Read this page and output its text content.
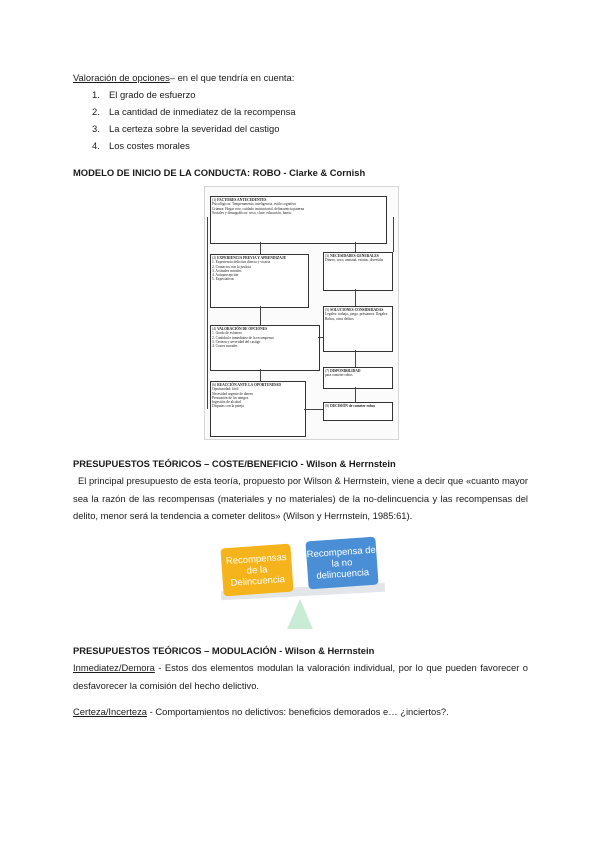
Valoración de opciones– en el que tendría en cuenta:
1. El grado de esfuerzo
2. La cantidad de inmediatez de la recompensa
3. La certeza sobre la severidad del castigo
4. Los costes morales
MODELO DE INICIO DE LA CONDUCTA: ROBO - Clarke & Cornish
(1) FACTORES ANTECEDENTES
Psicológicos: Temperamento, inteligencia, estilo cognitivo
Crianza: Hogar roto, cuidado institucional, delincuencia paterna
Sociales y demográficos: sexo, clase, educación, barrio
(2) EXPERIENCIA PREVIA Y APRENDIZAJE
1. Experiencia delictiva directa y vicaria
2. Contactos con la justicia
3. Actitudes morales
4. Autopercepción
5. Expectativas
(3) NECESIDADES GENERALES
Dinero, sexo, amistad, estatus, diversión
(4) VALORACIÓN DE OPCIONES
1. Grado de esfuerzo
2. Cantidad e inmediatez de la recompensa
3. Certeza y severidad del castigo
4. Costes morales
(5) SOLUCIONES CONSIDERADAS
Legales: trabajo, juego, préstamos. Ilegales: Robos, otros delitos
(7) DISPONIBILIDAD
para cometer robos
(6) REACCIÓN ANTE LA OPORTUNIDAD
Oportunidad: fácil
Necesidad urgente de dinero
Persuasión de los amigos
Ingestión de alcohol
Disputas con la pareja	(8) DECISIÓN de cometer robos
PRESUPUESTOS TEÓRICOS – COSTE/BENEFICIO - Wilson & Herrnstein
El principal presupuesto de esta teoría, propuesto por Wilson & Herrnstein, viene a decir que «cuanto mayor sea la razón de las recompensas (materiales y no materiales) de la no-delincuencia y las recompensas del delito, menor será la tendencia a cometer delitos» (Wilson y Herrnstein, 1985:61).
Recompensas de la Delincuencia
Recompensa de la no delincuencia
PRESUPUESTOS TEÓRICOS – MODULACIÓN - Wilson & Herrnstein
Inmediatez/Demora - Estos dos elementos modulan la valoración individual, por lo que pueden favorecer o desfavorecer la comisión del hecho delictivo.
Certeza/Incerteza - Comportamientos no delictivos: beneficios demorados e… ¿inciertos?.
